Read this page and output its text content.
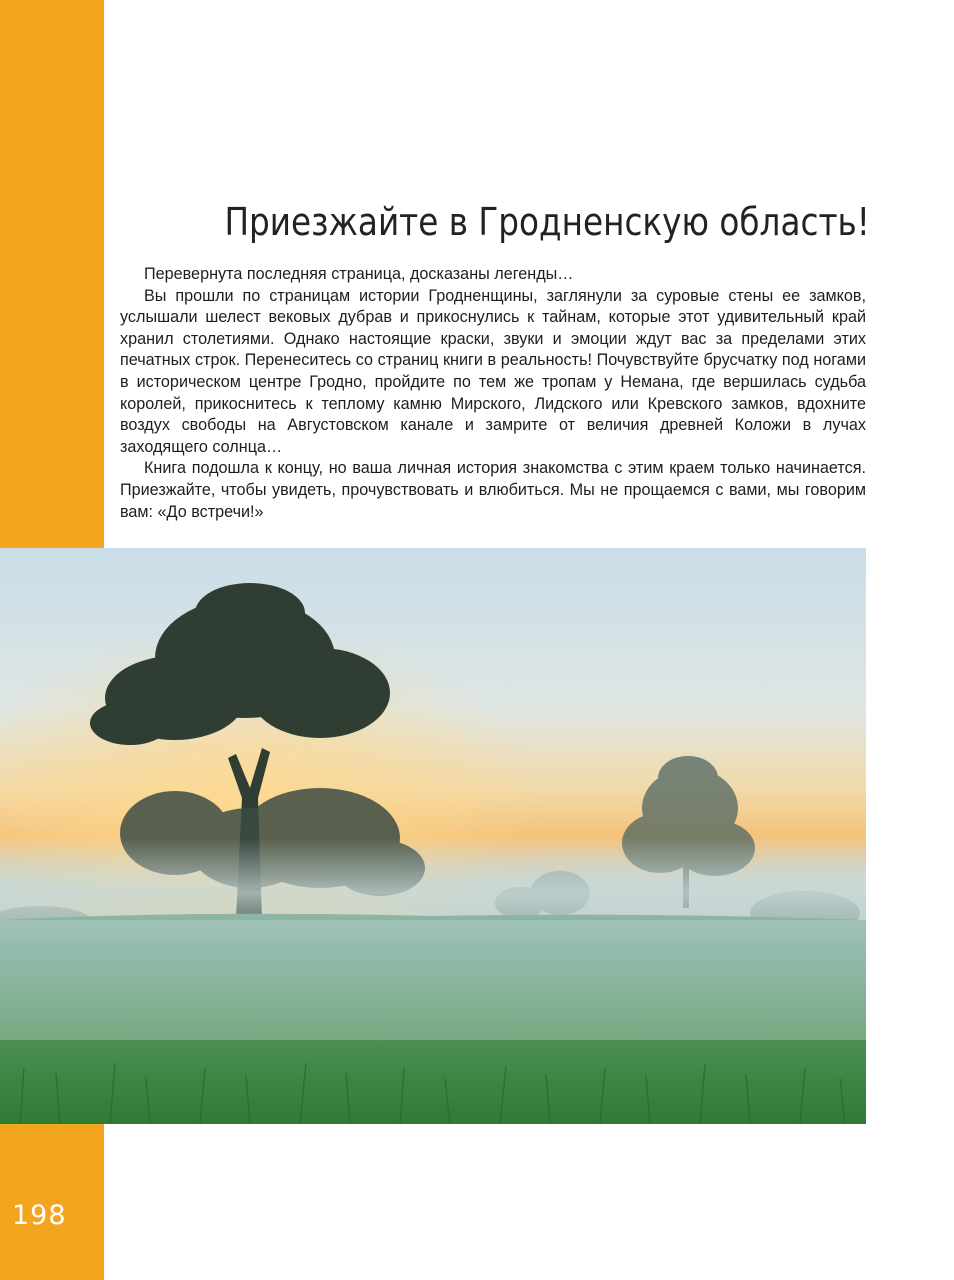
198
Приезжайте в Гродненскую область!

Перевернута последняя страница, досказаны легенды…

Вы прошли по страницам истории Гродненщины, заглянули за суровые стены ее замков, услышали шелест вековых дубрав и прикоснулись к тайнам, которые этот удивительный край хранил столетиями. Однако настоящие краски, звуки и эмоции ждут вас за пределами этих печатных строк. Перенеситесь со страниц книги в реальность! Почувствуйте брусчатку под ногами в историческом центре Гродно, пройдите по тем же тропам у Немана, где вершилась судьба королей, прикоснитесь к теплому камню Мирского, Лидского или Кревского замков, вдохните воздух свободы на Августовском канале и замрите от величия древней Коложи в лучах заходящего солнца…

Книга подошла к концу, но ваша личная история знакомства с этим краем только начинается. Приезжайте, чтобы увидеть, прочувствовать и влюбиться. Мы не прощаемся с вами, мы говорим вам: «До встречи!»
